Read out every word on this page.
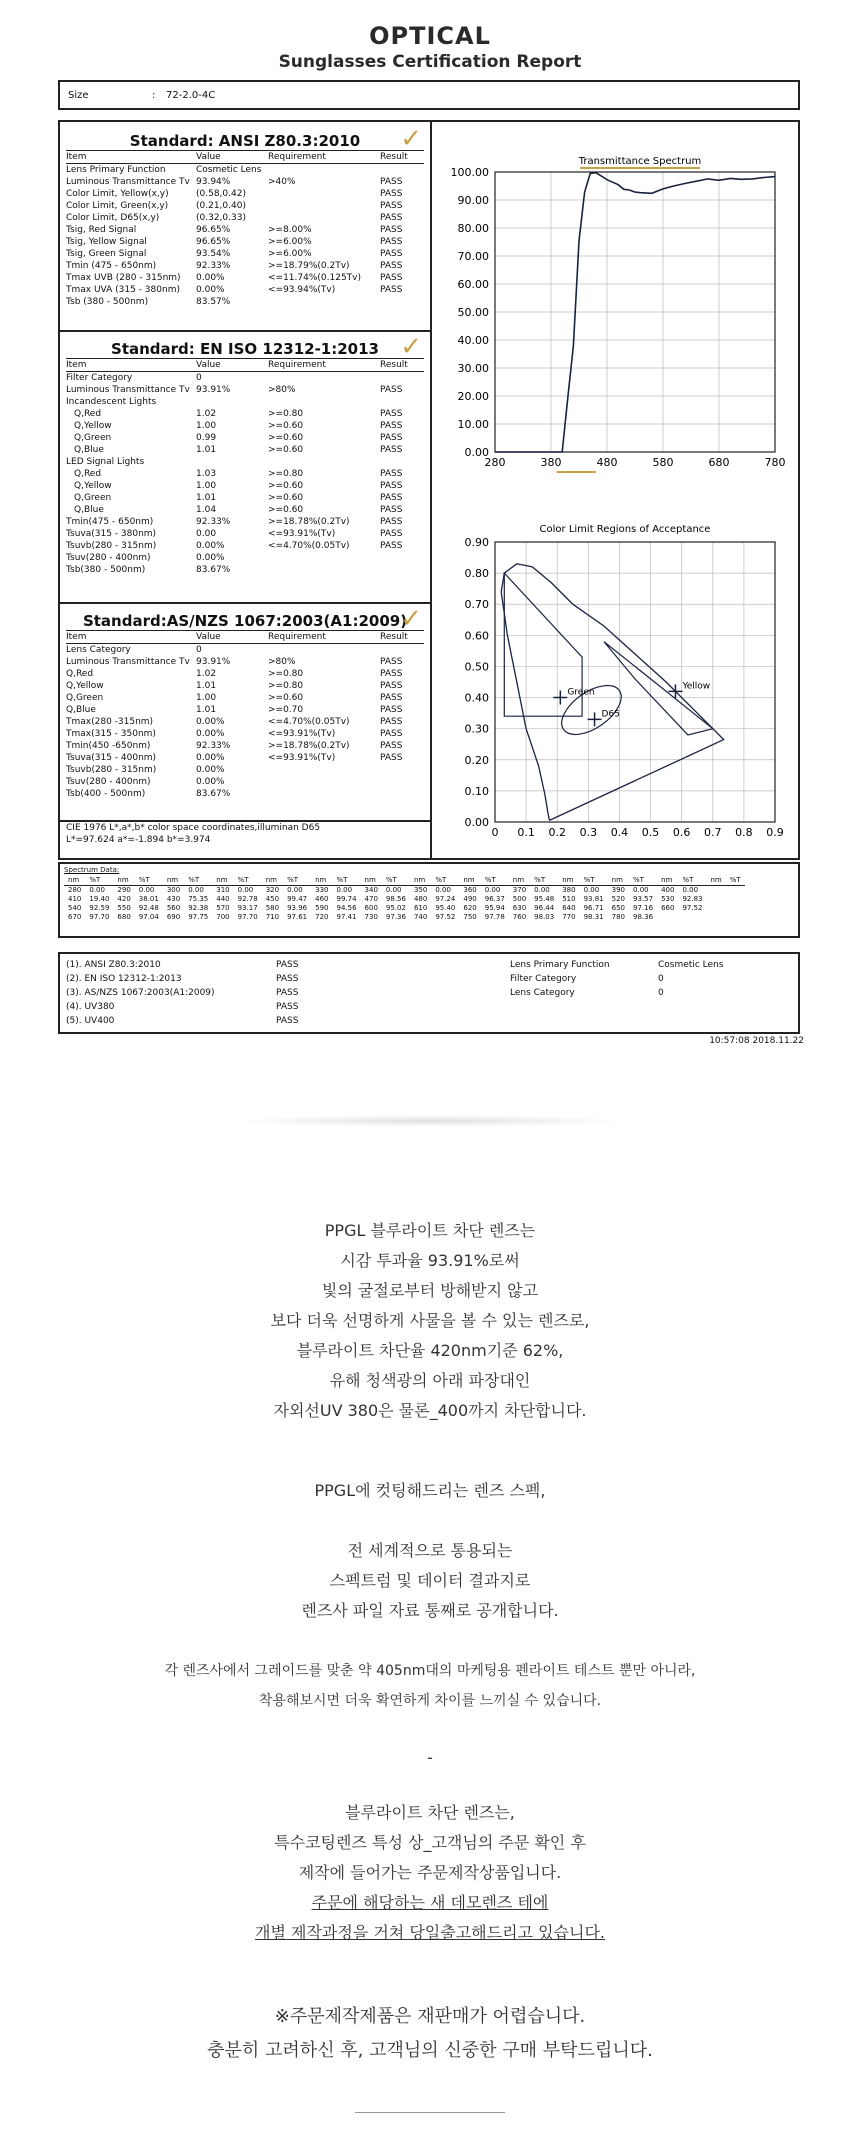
OPTICAL
Sunglasses Certification Report
Size	: 72-2.0-4C
✓
Standard: ANSI Z80.3:2010
Item	Value	Requirement	Result
Lens Primary Function	Cosmetic Lens		
Luminous Transmittance Tv	93.94%	>40%	PASS
Color Limit, Yellow(x,y)	(0.58,0.42)		PASS
Color Limit, Green(x,y)	(0.21,0.40)		PASS
Color Limit, D65(x,y)	(0.32,0.33)		PASS
Tsig, Red Signal	96.65%	>=8.00%	PASS
Tsig, Yellow Signal	96.65%	>=6.00%	PASS
Tsig, Green Signal	93.54%	>=6.00%	PASS
Tmin (475 - 650nm)	92.33%	>=18.79%(0.2Tv)	PASS
Tmax UVB (280 - 315nm)	0.00%	<=11.74%(0.125Tv)	PASS
Tmax UVA (315 - 380nm)	0.00%	<=93.94%(Tv)	PASS
Tsb (380 - 500nm)	83.57%		
✓
Standard: EN ISO 12312-1:2013
Item	Value	Requirement	Result
Filter Category	0		
Luminous Transmittance Tv	93.91%	>80%	PASS
Incandescent Lights			
Q,Red	1.02	>=0.80	PASS
Q,Yellow	1.00	>=0.60	PASS
Q,Green	0.99	>=0.60	PASS
Q,Blue	1.01	>=0.60	PASS
LED Signal Lights			
Q,Red	1.03	>=0.80	PASS
Q,Yellow	1.00	>=0.60	PASS
Q,Green	1.01	>=0.60	PASS
Q,Blue	1.04	>=0.60	PASS
Tmin(475 - 650nm)	92.33%	>=18.78%(0.2Tv)	PASS
Tsuva(315 - 380nm)	0.00	<=93.91%(Tv)	PASS
Tsuvb(280 - 315nm)	0.00%	<=4.70%(0.05Tv)	PASS
Tsuv(280 - 400nm)	0.00%		
Tsb(380 - 500nm)	83.67%		
✓
Standard:AS/NZS 1067:2003(A1:2009)
Item	Value	Requirement	Result
Lens Category	0		
Luminous Transmittance Tv	93.91%	>80%	PASS
Q,Red	1.02	>=0.80	PASS
Q,Yellow	1.01	>=0.80	PASS
Q,Green	1.00	>=0.60	PASS
Q,Blue	1.01	>=0.70	PASS
Tmax(280 -315nm)	0.00%	<=4.70%(0.05Tv)	PASS
Tmax(315 - 350nm)	0.00%	<=93.91%(Tv)	PASS
Tmin(450 -650nm)	92.33%	>=18.78%(0.2Tv)	PASS
Tsuva(315 - 400nm)	0.00%	<=93.91%(Tv)	PASS
Tsuvb(280 - 315nm)	0.00%		
Tsuv(280 - 400nm)	0.00%		
Tsb(400 - 500nm)	83.67%		
CIE 1976 L*,a*,b* color space coordinates,illuminan D65
L*=97.624 a*=-1.894 b*=3.974
Transmittance Spectrum
0.00
10.00
20.00
30.00
40.00
50.00
60.00
70.00
80.00
90.00
100.00
280	380	480	580	680	780
Color Limit Regions of Acceptance
0.00
0.10
0.20
0.30
0.40
0.50
0.60
0.70
0.80
0.90
0 0.1 0.2 0.3 0.4 0.5 0.6 0.7 0.8 0.9
Green
D65
Yellow
Spectrum Data:
nm	%T	nm	%T	nm	%T	nm	%T	nm	%T	nm	%T	nm	%T	nm	%T	nm	%T	nm	%T	nm	%T	nm	%T	nm	%T	nm	%T
280	0.00	290	0.00	300	0.00	310	0.00	320	0.00	330	0.00	340	0.00	350	0.00	360	0.00	370	0.00	380	0.00	390	0.00	400	0.00		
410	19.40	420	38.01	430	75.35	440	92.78	450	99.47	460	99.74	470	98.56	480	97.24	490	96.37	500	95.48	510	93.81	520	93.57	530	92.83		
540	92.59	550	92.48	560	92.38	570	93.17	580	93.96	590	94.56	600	95.02	610	95.40	620	95.94	630	96.44	640	96.71	650	97.16	660	97.52		
670	97.70	680	97.04	690	97.75	700	97.70	710	97.61	720	97.41	730	97.36	740	97.52	750	97.78	760	98.03	770	98.31	780	98.36				
(1). ANSI Z80.3:2010	PASS
(2). EN ISO 12312-1:2013	PASS
(3). AS/NZS 1067:2003(A1:2009)	PASS
(4). UV380	PASS
(5). UV400	PASS
Lens Primary Function	Cosmetic Lens
Filter Category	0
Lens Category	0
10:57:08 2018.11.22
PPGL 블루라이트 차단 렌즈는
시감 투과율 93.91%로써
빛의 굴절로부터 방해받지 않고
보다 더욱 선명하게 사물을 볼 수 있는 렌즈로,
블루라이트 차단율 420nm기준 62%,
유해 청색광의 아래 파장대인
자외선UV 380은 물론_400까지 차단합니다.
PPGL에 컷팅해드리는 렌즈 스펙,
전 세계적으로 통용되는
스펙트럼 및 데이터 결과지로
렌즈사 파일 자료 통째로 공개합니다.
각 렌즈사에서 그레이드를 맞춘 약 405nm대의 마케팅용 펜라이트 테스트 뿐만 아니라,
착용해보시면 더욱 확연하게 차이를 느끼실 수 있습니다.
-
블루라이트 차단 렌즈는,
특수코팅렌즈 특성 상_고객님의 주문 확인 후
제작에 들어가는 주문제작상품입니다.
주문에 해당하는 새 데모렌즈 테에
개별 제작과정을 거쳐 당일출고해드리고 있습니다.
※주문제작제품은 재판매가 어렵습니다.
충분히 고려하신 후, 고객님의 신중한 구매 부탁드립니다.
